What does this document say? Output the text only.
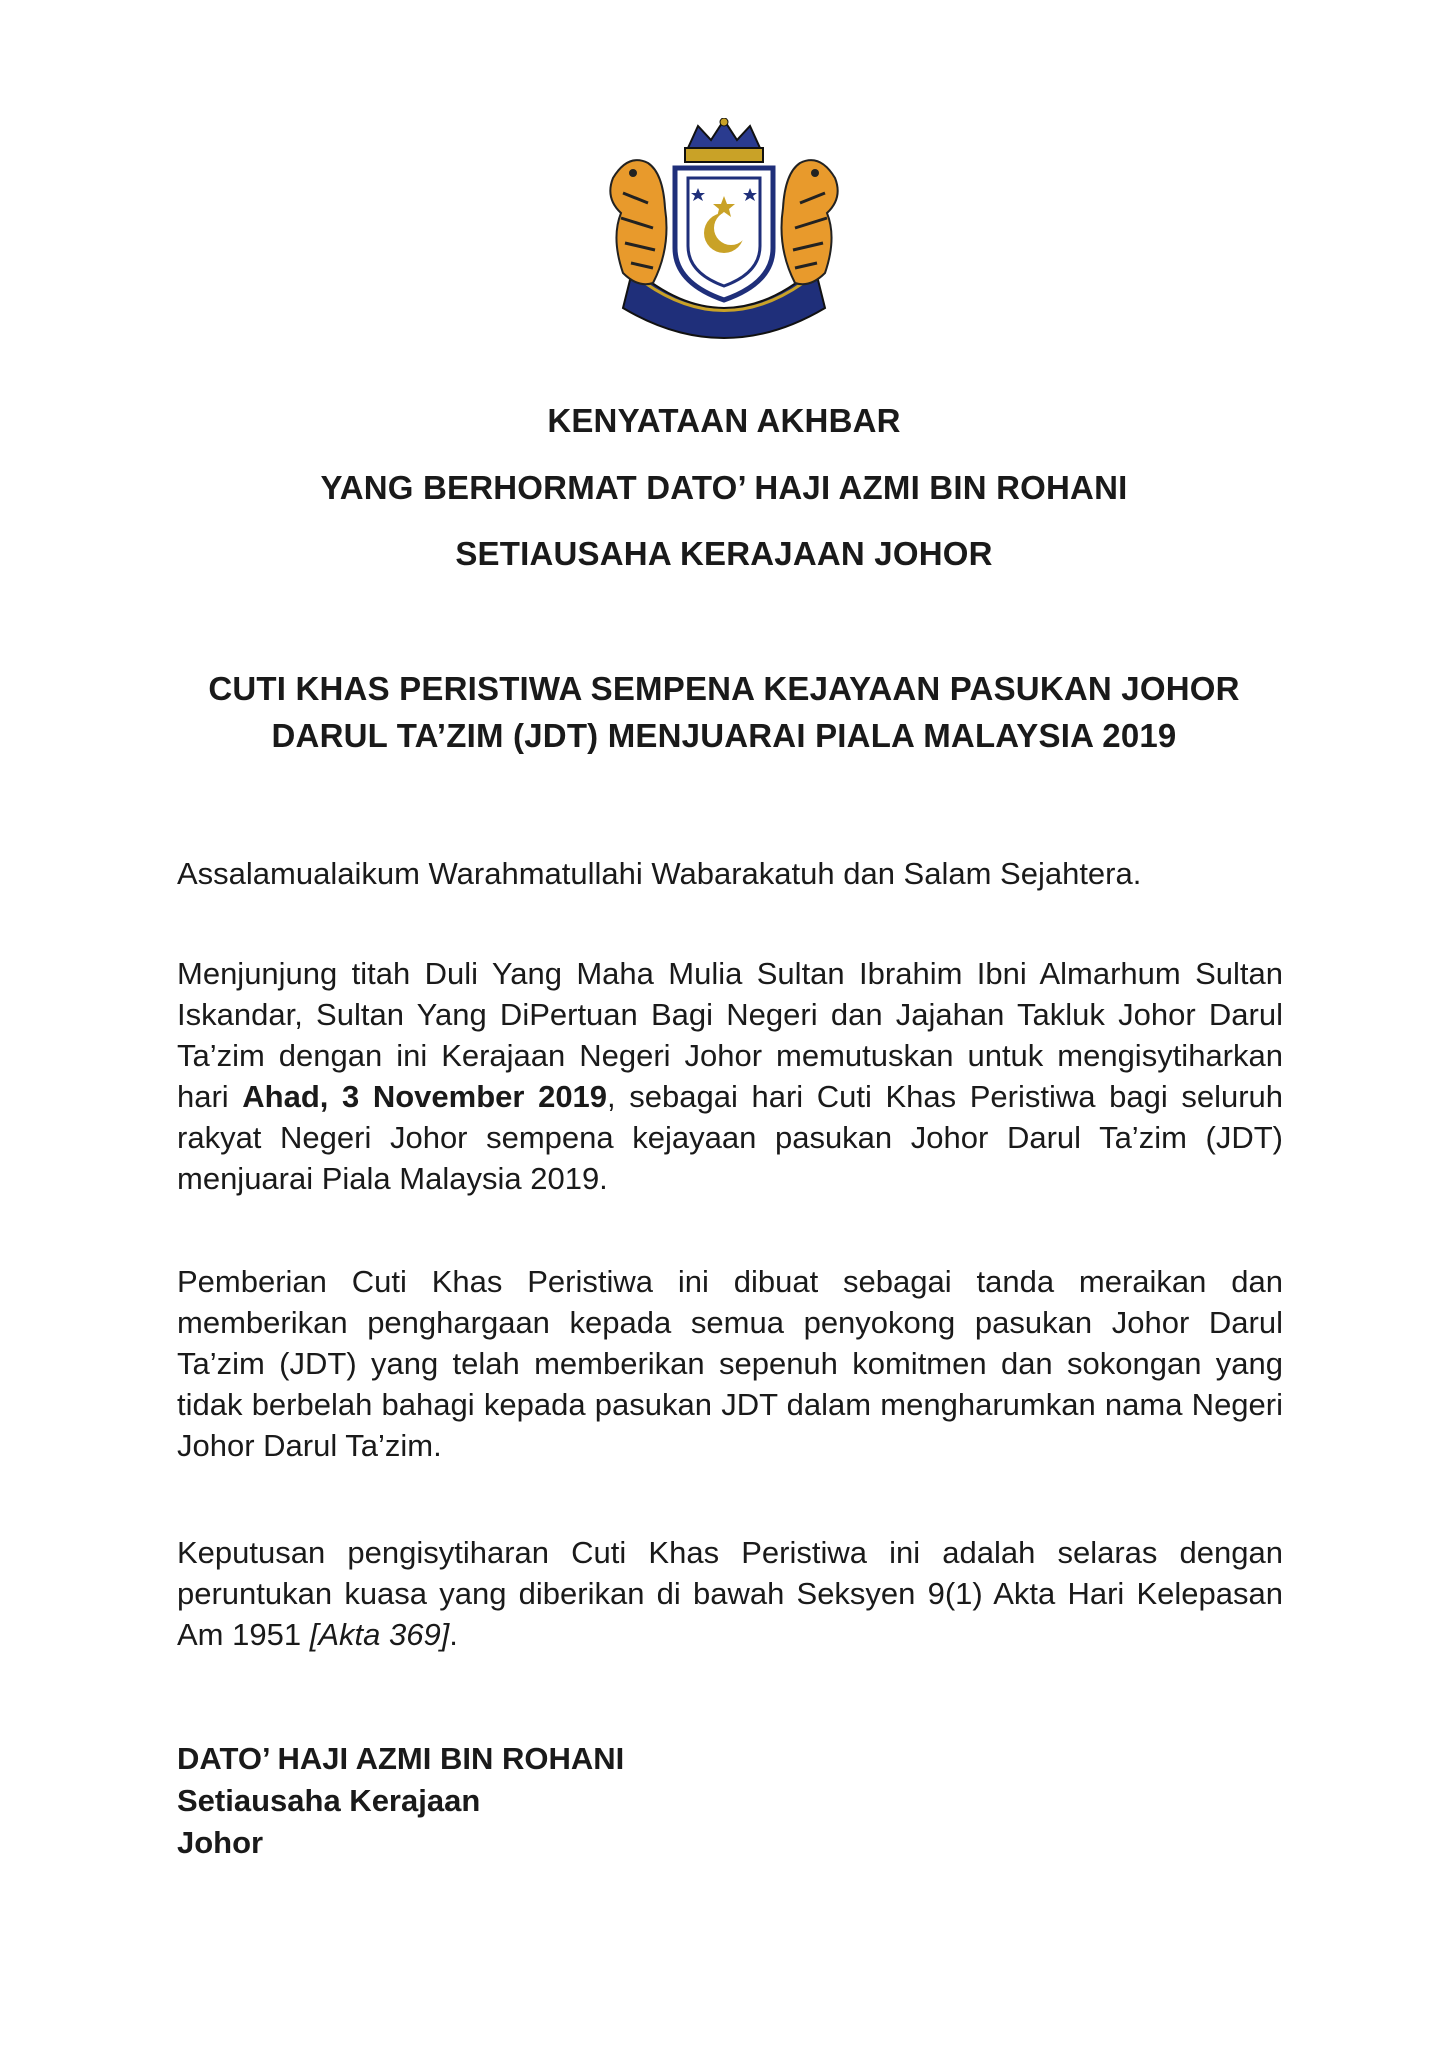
KENYATAAN AKHBAR
YANG BERHORMAT DATO’ HAJI AZMI BIN ROHANI
SETIAUSAHA KERAJAAN JOHOR
CUTI KHAS PERISTIWA SEMPENA KEJAYAAN PASUKAN JOHOR
DARUL TA’ZIM (JDT) MENJUARAI PIALA MALAYSIA 2019
Assalamualaikum Warahmatullahi Wabarakatuh dan Salam Sejahtera.
Menjunjung titah Duli Yang Maha Mulia Sultan Ibrahim Ibni Almarhum Sultan Iskandar, Sultan Yang DiPertuan Bagi Negeri dan Jajahan Takluk Johor Darul Ta’zim dengan ini Kerajaan Negeri Johor memutuskan untuk mengisytiharkan hari Ahad, 3 November 2019, sebagai hari Cuti Khas Peristiwa bagi seluruh rakyat Negeri Johor sempena kejayaan pasukan Johor Darul Ta’zim (JDT) menjuarai Piala Malaysia 2019.
Pemberian Cuti Khas Peristiwa ini dibuat sebagai tanda meraikan dan memberikan penghargaan kepada semua penyokong pasukan Johor Darul Ta’zim (JDT) yang telah memberikan sepenuh komitmen dan sokongan yang tidak berbelah bahagi kepada pasukan JDT dalam mengharumkan nama Negeri Johor Darul Ta’zim.
Keputusan pengisytiharan Cuti Khas Peristiwa ini adalah selaras dengan peruntukan kuasa yang diberikan di bawah Seksyen 9(1) Akta Hari Kelepasan Am 1951 [Akta 369].
DATO’ HAJI AZMI BIN ROHANI
Setiausaha Kerajaan
Johor
